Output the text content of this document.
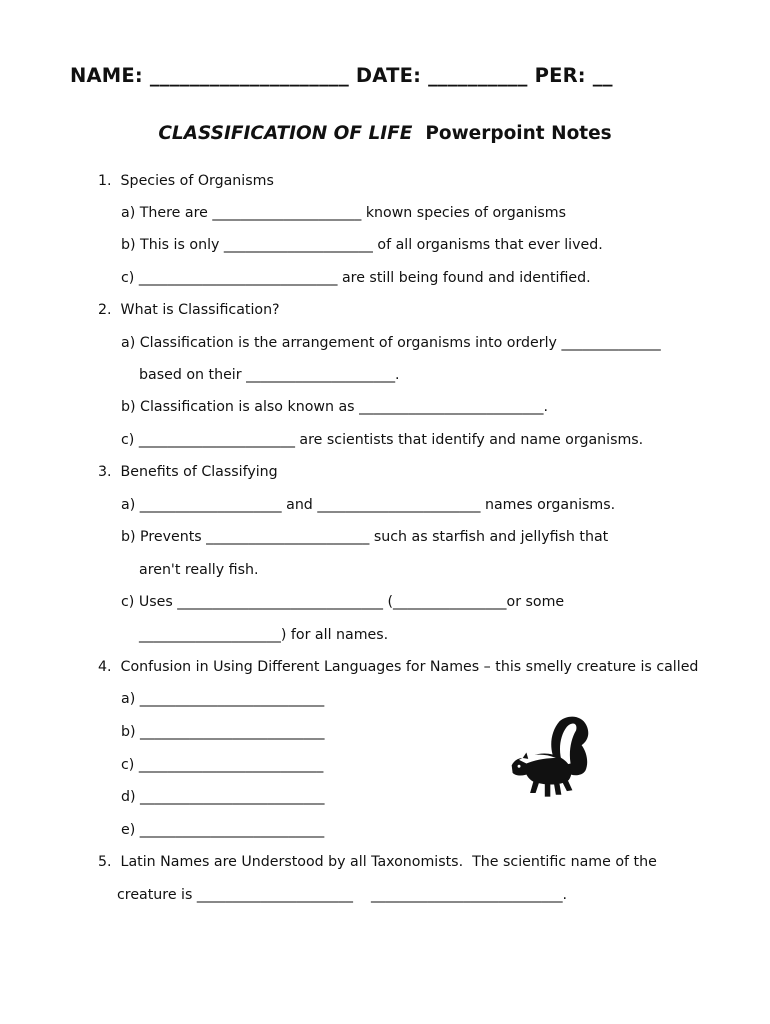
NAME: ____________________ DATE: __________ PER: __
CLASSIFICATION OF LIFE Powerpoint Notes
1.  Species of Organisms
a) There are _____________________ known species of organisms
b) This is only _____________________ of all organisms that ever lived.
c) ____________________________ are still being found and identified.
2.  What is Classification?
a) Classification is the arrangement of organisms into orderly ______________
based on their _____________________.
b) Classification is also known as __________________________.
c) ______________________ are scientists that identify and name organisms.
3.  Benefits of Classifying
a) ____________________ and _______________________ names organisms.
b) Prevents _______________________ such as starfish and jellyfish that
aren't really fish.
c) Uses _____________________________ (________________or some
____________________) for all names.
4.  Confusion in Using Different Languages for Names – this smelly creature is called
a) __________________________
b) __________________________
c) __________________________
d) __________________________
e) __________________________
5.  Latin Names are Understood by all Taxonomists.  The scientific name of the
creature is ______________________    ___________________________.
